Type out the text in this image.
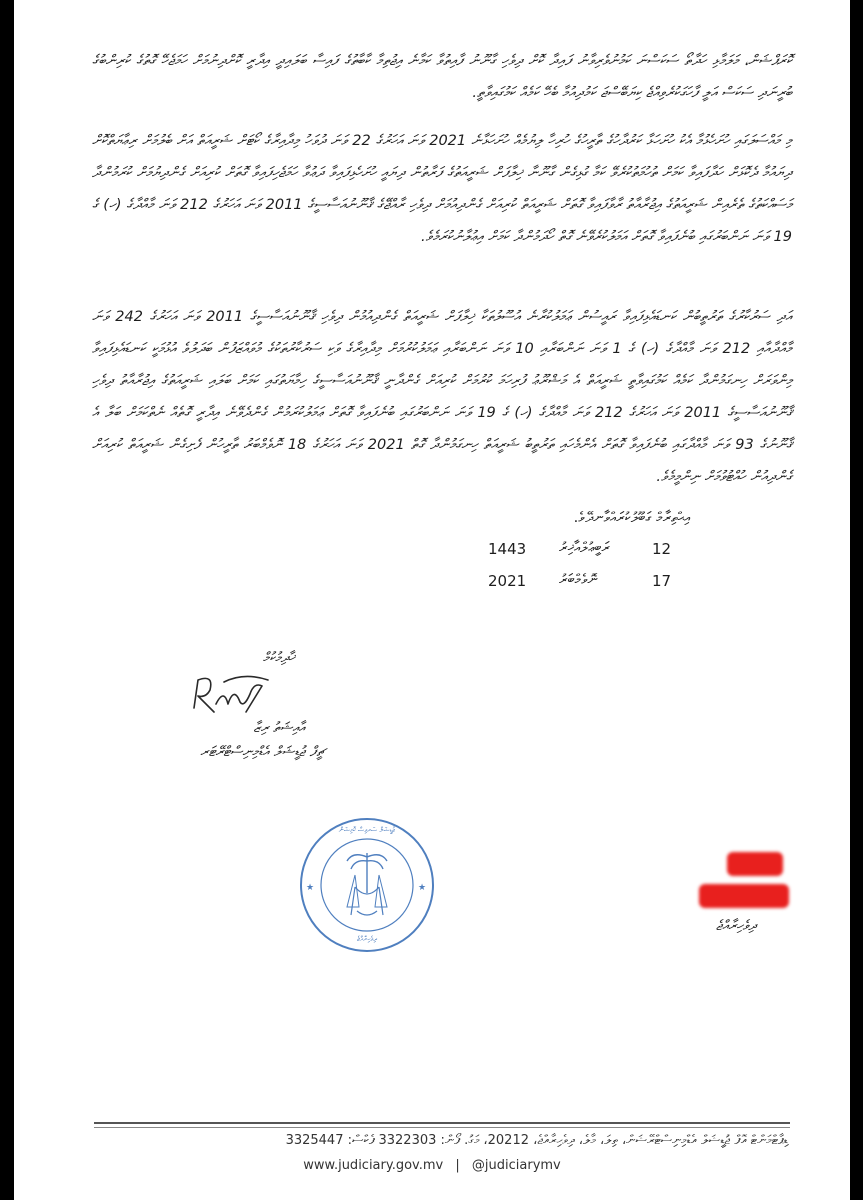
ކޮރަޕްޝަން، މަލަމާޅި ހަދާތޯ ސަކަސްނަ ކަމުނުވެރިވާނު ފައިދާ ކޮށް ދިވެހި ގާނޫނު ފާއިތުވާ ކަމާނެ އިޖުތިމާ ކާބާތުގެ ފައިސާ ބަލައިދީ އިދާރީ ކޮށްދިނުމަށް ހަމަޖެހޭ ގޮތުގެ ކުރިންބުގެ ބުރީނަދި ސަކަސް އަލީ ފާހަގަކުރެވިއްޖެ ކިޔަބޭސްޖަ ކަމުދިއުމާ ބެހޭ ކަމެއް ކަމުގައިވާތީ.

މި މައްސަލަގައި ހުށަހެޅުމާ އެކު ހުށަހަޅާ ކަރުދާހުގެ ތާރީހުގެ ހުރިހާ ލިޔުމެއް ހުށަހަޅާނެ 2021 ވަނަ އަހަރުގެ 22 ވަނަ ދުވަހު މިދާއިރާގެ ކޯޓަށް ޝަރީއަތް އަށް ބެލުމަށް ރިޢާޔަތްކޮށް ދިޔައުމާ ދެކޮޅަށް ހަދާފައިވާ ކަމަށް ތުހުމަތުކުރެވޭ ކަމާ ގުޅިގެން ގާނޫނާ ޚިލާފަށް ޝަރީއަތުގެ ފަރާތުން ދިޔައީ ހުށަހެޅިފައިވާ ދަޢުވާ ހަމަޖެހިފައިވާ ގޮތަށް ކުރިއަށް ގެންދިޔުމަށް ކުރަމުންދާ މަސައްކަތުގެ ތެރެއިން ޝަރީއަތުގެ އިޖުރާއާތު ރާވާފައިވާ ގޮތަށް ޝަރީއަތް ކުރިއަށް ގެންދިއުމަށް ދިވެހި ރާއްޖޭގެ ޤާނޫނުއަސާސީގެ 2011 ވަނަ އަހަރުގެ 212 ވަނަ މާއްދާގެ (ހ) ގެ 19 ވަނަ ނަންބަރުގައި ބުނެފައިވާ ގޮތަށް އަމަލުކުރެވޭނެ ގޮތް ހޯދަމުންދާ ކަމަށް އިޢުލާނުކުރަމެވެ.

އަދި ސަރުކާރުގެ ތަރުތީބުން ކަނޑައެޅިފައިވާ ރައީސުން ޢަމަލުކުރާނެ އުސޫލުތަކާ ޚިލާފަށް ޝަރީއަތް ގެންދިއުމުން ދިވެހި ޤާނޫނުއަސާސީގެ 2011 ވަނަ އަހަރުގެ 242 ވަނަ މާއްދާއާއި 212 ވަނަ މާއްދާގެ (ހ) ގެ 1 ވަނަ ނަންބަރާއި 10 ވަނަ ނަންބަރާއި ޢަމަލުކުރުމަށް މިދާއިރާގެ ވަކި ސަރުކާރުތަކުގެ މުވައްޒަފުން ބަދަލުވެ އުޅުމަކީ ކަނޑައެޅިފައިވާ މިންވަރަށް ހިނގަމުންދާ ކަމެއް ކަމުގައިވާތީ ޝަރީއަތް އެ މަޝްރޫޢު ފުރިހަމަ ކުރުމަށް ކުރިއަށް ގެންދާނީ ޤާނޫނުއަސާސީގެ ހިމާޔަތުގައި ކަމަށް ބަލައި ޝަރީއަތުގެ އިޖުރާއާތު ދިވެހި ޤާނޫނުއަސާސީގެ 2011 ވަނަ އަހަރުގެ 212 ވަނަ މާއްދާގެ (ހ) ގެ 19 ވަނަ ނަންބަރުގައި ބުނެފައިވާ ގޮތަށް ޢަމަލުކުރަމުން ގެންދެވޭނެ އިދާރީ ގޮތެއް ނެތްކަމަށް ބަލާ އެ ޤާނޫނުގެ 93 ވަނަ މާއްދާގައި ބުނެފައިވާ ގޮތަށް އެންމެހައި ތަރުތީބު ޝަރީއަތް ހިނގަމުންދާ ގޮތް 2021 ވަނަ އަހަރުގެ 18 ނޮވެމްބަރު ތާރީހުން ފެށިގެން ޝަރީއަތް ކުރިއަށް ގެންދިއުން ހުއްޓުވުމަށް ނިންމީމެވެ.

އިޙްތިރާމް ގަބޫލުކުރައްވާނދޭވެ.
1443 ރަބީޢުލްއާޚިރު	12
2021 ނޮވެމްބަރު	17
ޚާދިމުކުމް
އާއިޝަތު ރިޒާ
ޗީފް ޖުޑީޝަލް އެޑްމިނިސްޓްރޭޓަރ
★	★
ޖުޑީޝަލް ސަރވިސް ކޮމިޝަން
ދިވެހިރާއްޖެ
ދިވެހިރާއްޖެ
ޑިޕާޓްމަންޓް އޮފް ޖުޑީޝަލް އެޑްމިނިސްޓްރޭޝަން، ތިލަ، މާލެ، ދިވެހިރާއްޖެ، 20212، މަގު. ފޯން: 3322303 ފެކްސް: 3325447
www.judiciary.gov.mv | @judiciarymv
